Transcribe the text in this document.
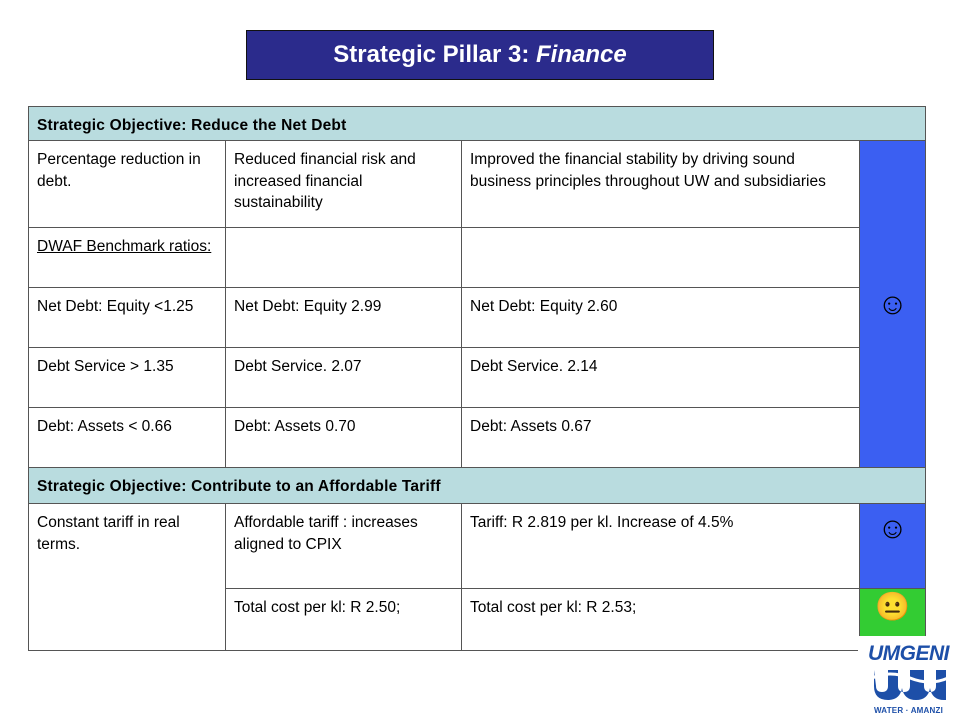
Strategic Pillar 3: Finance
Strategic Objective: Reduce the Net Debt			
Percentage reduction in debt.	Reduced financial risk and increased financial sustainability	Improved the financial stability by driving sound business principles throughout UW and subsidiaries	☺
DWAF Benchmark ratios:			
Net Debt: Equity <1.25	Net Debt: Equity 2.99	Net Debt: Equity 2.60	
Debt Service > 1.35	Debt Service. 2.07	Debt Service. 2.14	
Debt: Assets < 0.66	Debt: Assets 0.70	Debt: Assets 0.67	
Strategic Objective: Contribute to an Affordable Tariff			
Constant tariff in real terms.	Affordable tariff : increases aligned to CPIX	Tariff: R 2.819 per kl. Increase of 4.5%	☺
	Total cost per kl: R 2.50;	Total cost per kl: R 2.53;	😐
UMGENI
WATER · AMANZI
